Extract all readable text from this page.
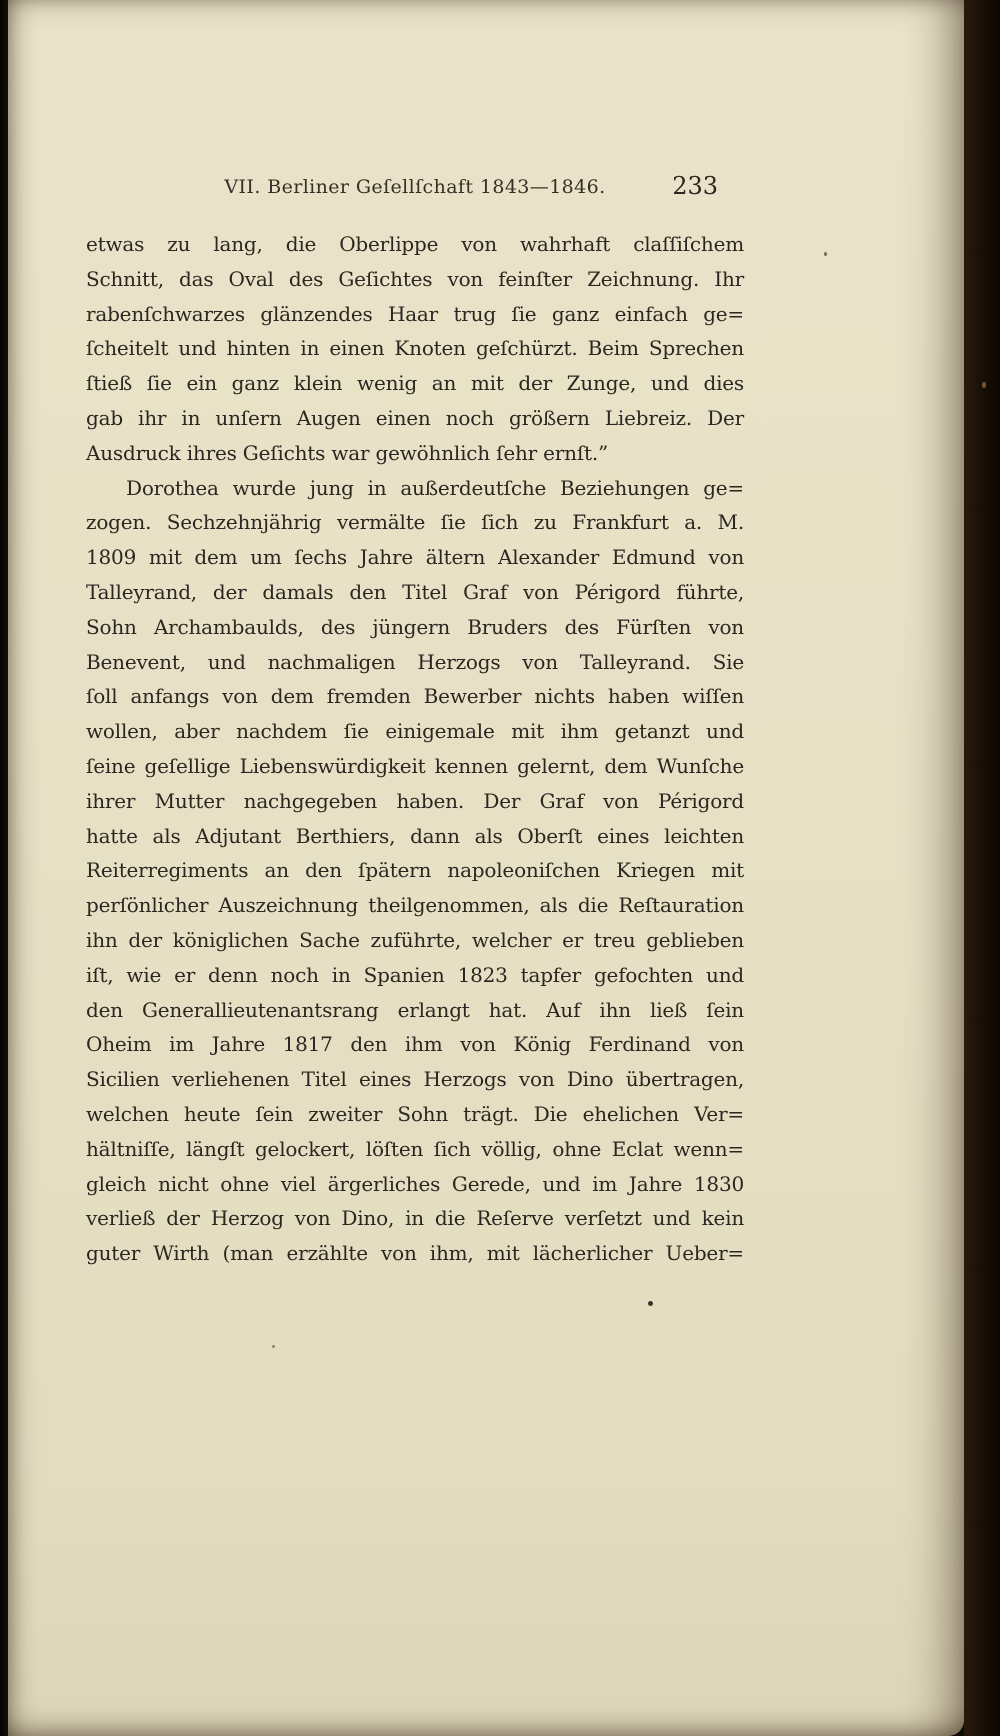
VII. Berliner Geſellſchaft 1843—1846.	233
etwas zu lang, die Oberlippe von wahrhaft claſſiſchem
Schnitt, das Oval des Geſichtes von feinſter Zeichnung. Ihr
rabenſchwarzes glänzendes Haar trug ſie ganz einfach ge=
ſcheitelt und hinten in einen Knoten geſchürzt. Beim Sprechen
ſtieß ſie ein ganz klein wenig an mit der Zunge, und dies
gab ihr in unſern Augen einen noch größern Liebreiz. Der
Ausdruck ihres Geſichts war gewöhnlich ſehr ernſt.”
Dorothea wurde jung in außerdeutſche Beziehungen ge=
zogen. Sechzehnjährig vermälte ſie ſich zu Frankfurt a. M.
1809 mit dem um ſechs Jahre ältern Alexander Edmund von
Talleyrand, der damals den Titel Graf von Périgord führte,
Sohn Archambaulds, des jüngern Bruders des Fürſten von
Benevent, und nachmaligen Herzogs von Talleyrand. Sie
ſoll anfangs von dem fremden Bewerber nichts haben wiſſen
wollen, aber nachdem ſie einigemale mit ihm getanzt und
ſeine geſellige Liebenswürdigkeit kennen gelernt, dem Wunſche
ihrer Mutter nachgegeben haben. Der Graf von Périgord
hatte als Adjutant Berthiers, dann als Oberſt eines leichten
Reiterregiments an den ſpätern napoleoniſchen Kriegen mit
perſönlicher Auszeichnung theilgenommen, als die Reſtauration
ihn der königlichen Sache zuführte, welcher er treu geblieben
iſt, wie er denn noch in Spanien 1823 tapfer gefochten und
den Generallieutenantsrang erlangt hat. Auf ihn ließ ſein
Oheim im Jahre 1817 den ihm von König Ferdinand von
Sicilien verliehenen Titel eines Herzogs von Dino übertragen,
welchen heute ſein zweiter Sohn trägt. Die ehelichen Ver=
hältniſſe, längſt gelockert, löſten ſich völlig, ohne Eclat wenn=
gleich nicht ohne viel ärgerliches Gerede, und im Jahre 1830
verließ der Herzog von Dino, in die Reſerve verſetzt und kein
guter Wirth (man erzählte von ihm, mit lächerlicher Ueber=
